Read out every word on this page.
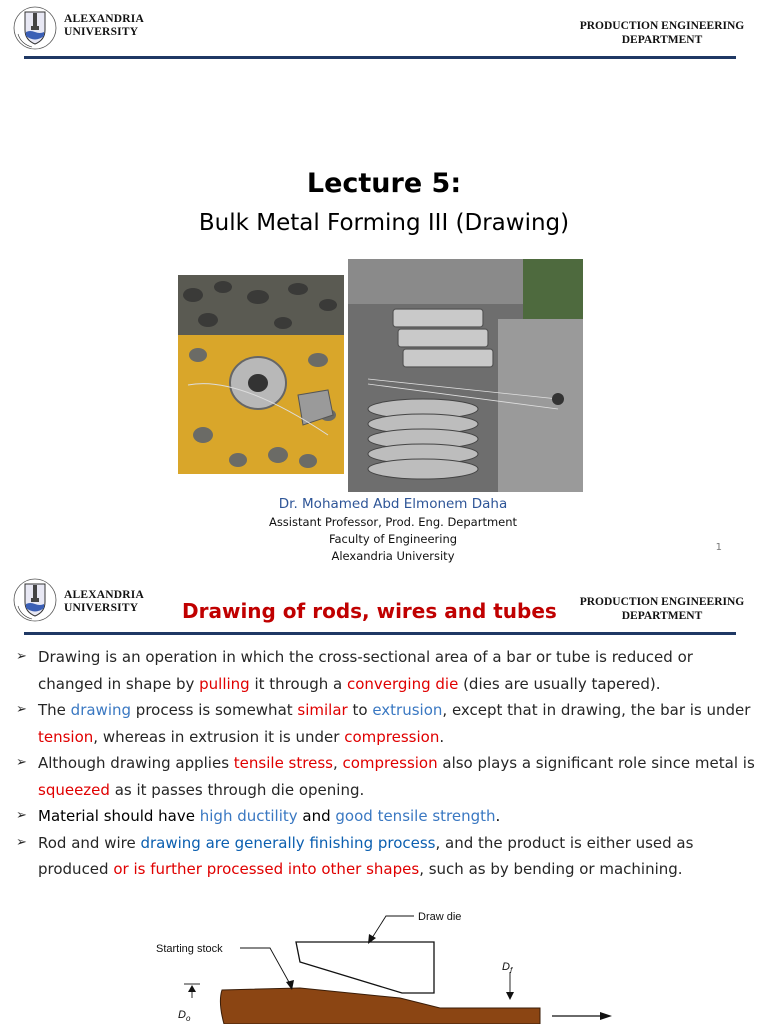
ALEXANDRIA
UNIVERSITY	PRODUCTION ENGINEERING
DEPARTMENT
Lecture 5:
Bulk Metal Forming III (Drawing)
Dr. Mohamed Abd Elmonem Daha
Assistant Professor, Prod. Eng. Department
Faculty of Engineering
Alexandria University
1
ALEXANDRIA
UNIVERSITY Drawing of rods, wires and tubes	PRODUCTION ENGINEERING
DEPARTMENT
➢ Drawing is an operation in which the cross-sectional area of a bar or tube is reduced or changed in shape by pulling it through a converging die (dies are usually tapered).
➢ The drawing process is somewhat similar to extrusion, except that in drawing, the bar is under tension, whereas in extrusion it is under compression.
➢ Although drawing applies tensile stress, compression also plays a significant role since metal is squeezed as it passes through die opening.
➢ Material should have high ductility and good tensile strength.
➢ Rod and wire drawing are generally finishing process, and the product is either used as produced or is further processed into other shapes, such as by bending or machining.
Draw die
Starting stock
$D_f$
$D_o$
